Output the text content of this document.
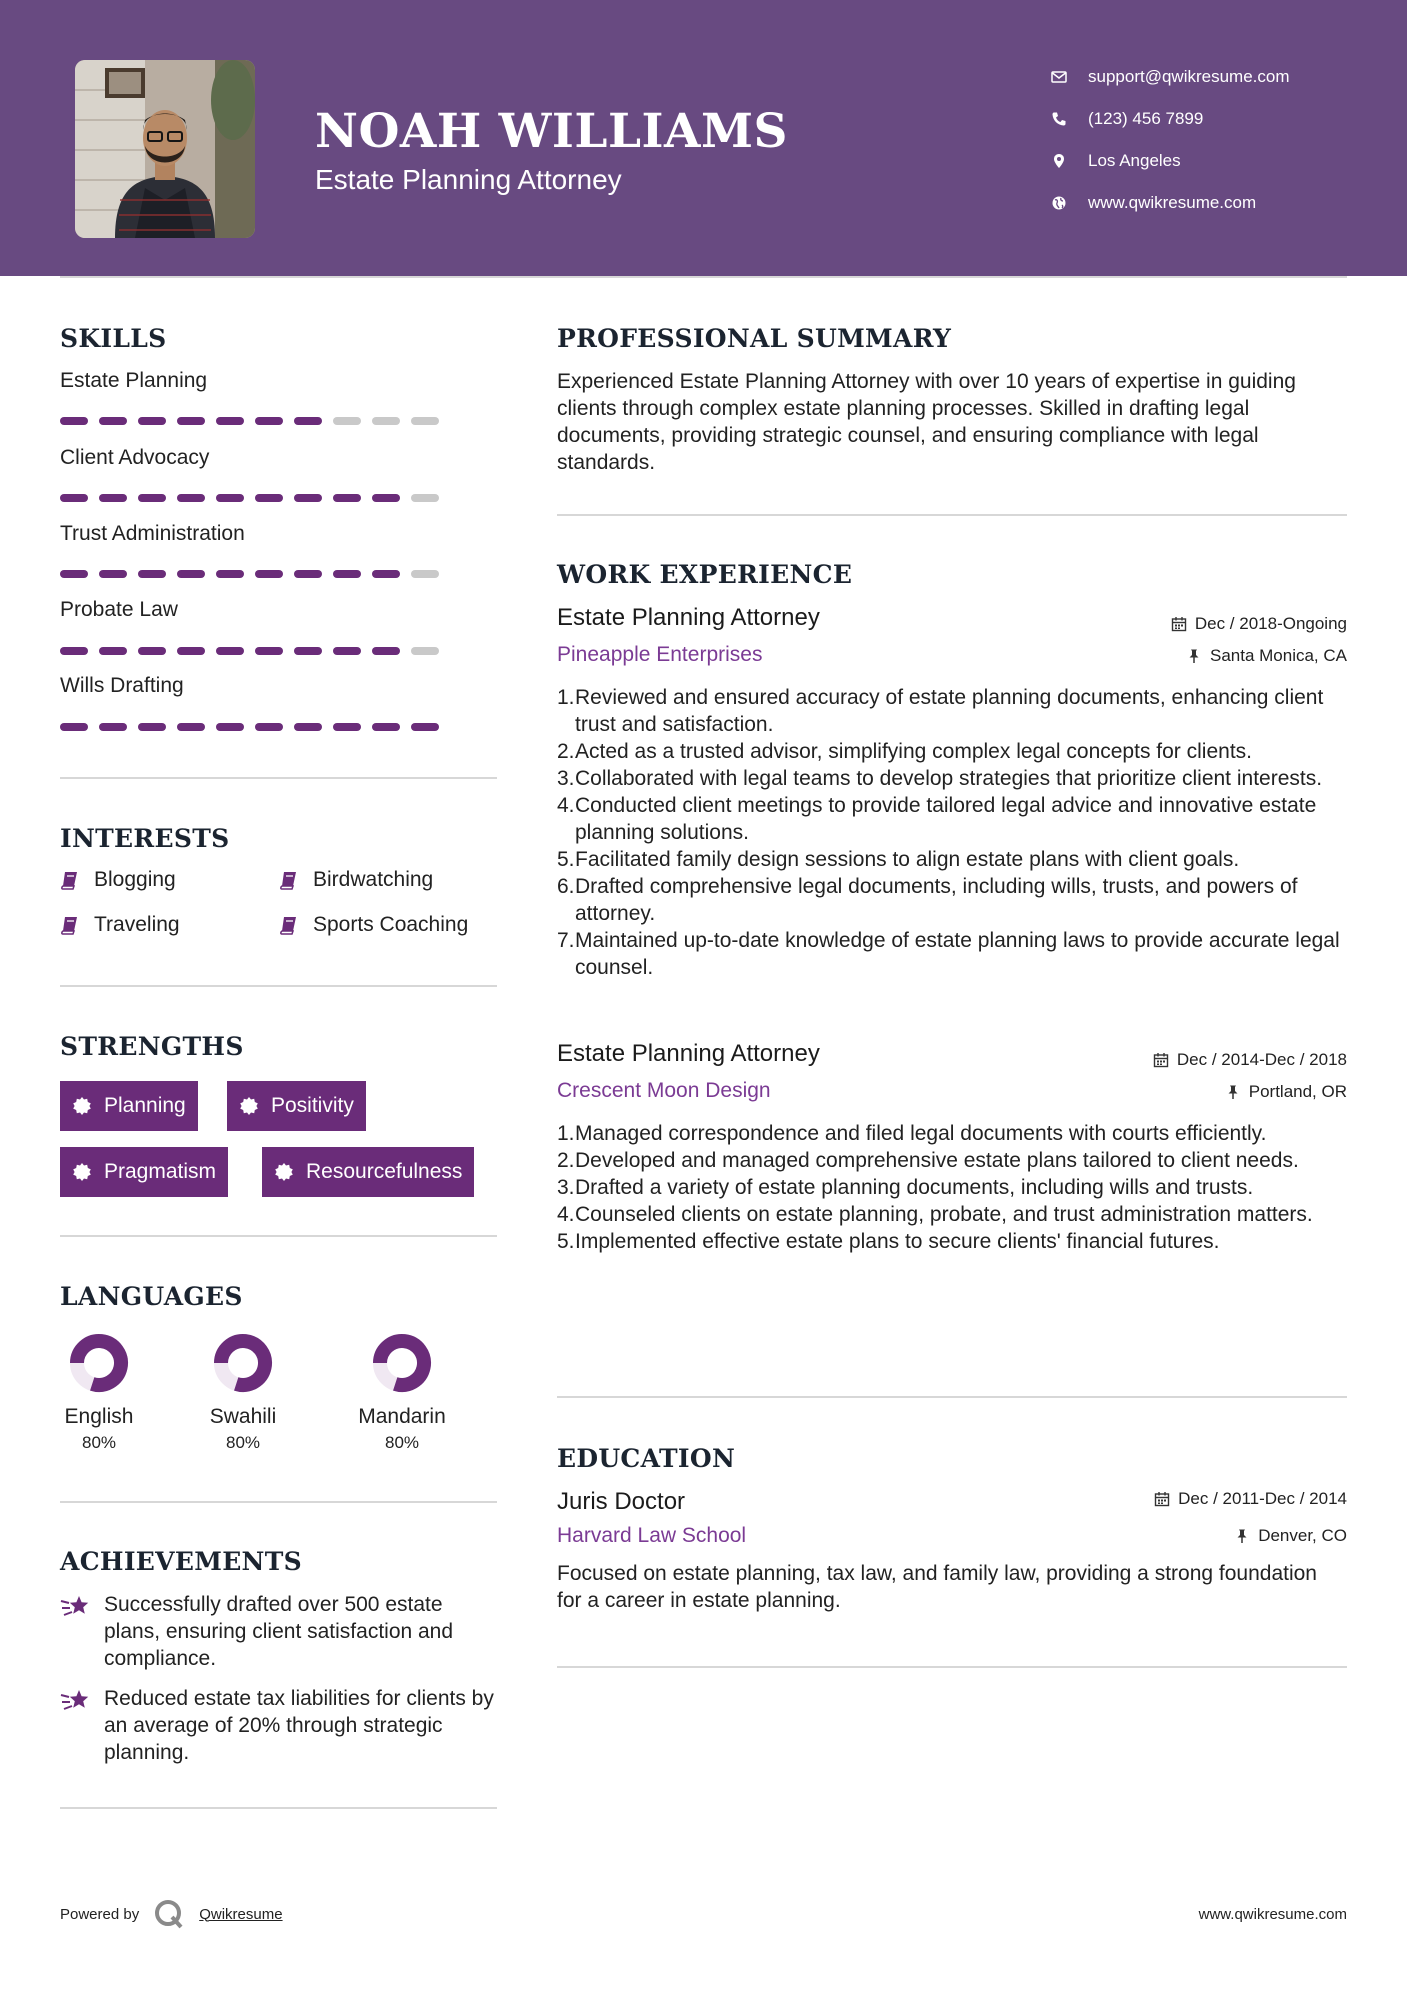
NOAH WILLIAMS
Estate Planning Attorney
support@qwikresume.com
(123) 456 7899
Los Angeles
www.qwikresume.com
SKILLS
Estate Planning
Client Advocacy
Trust Administration
Probate Law
Wills Drafting
INTERESTS
Blogging	Birdwatching
Traveling	Sports Coaching
STRENGTHS
Planning	Positivity
Pragmatism	Resourcefulness
LANGUAGES
English
80%
Swahili
80%
Mandarin
80%
ACHIEVEMENTS
Successfully drafted over 500 estate plans, ensuring client satisfaction and compliance.
Reduced estate tax liabilities for clients by an average of 20% through strategic planning.
PROFESSIONAL SUMMARY
Experienced Estate Planning Attorney with over 10 years of expertise in guiding clients through complex estate planning processes. Skilled in drafting legal documents, providing strategic counsel, and ensuring compliance with legal standards.
WORK EXPERIENCE
Estate Planning Attorney	Dec / 2018-Ongoing
Pineapple Enterprises	Santa Monica, CA
1. Reviewed and ensured accuracy of estate planning documents, enhancing client trust and satisfaction.
2. Acted as a trusted advisor, simplifying complex legal concepts for clients.
3. Collaborated with legal teams to develop strategies that prioritize client interests.
4. Conducted client meetings to provide tailored legal advice and innovative estate planning solutions.
5. Facilitated family design sessions to align estate plans with client goals.
6. Drafted comprehensive legal documents, including wills, trusts, and powers of attorney.
7. Maintained up-to-date knowledge of estate planning laws to provide accurate legal counsel.
Estate Planning Attorney	Dec / 2014-Dec / 2018
Crescent Moon Design	Portland, OR
1. Managed correspondence and filed legal documents with courts efficiently.
2. Developed and managed comprehensive estate plans tailored to client needs.
3. Drafted a variety of estate planning documents, including wills and trusts.
4. Counseled clients on estate planning, probate, and trust administration matters.
5. Implemented effective estate plans to secure clients' financial futures.
EDUCATION
Juris Doctor	Dec / 2011-Dec / 2014
Harvard Law School	Denver, CO
Focused on estate planning, tax law, and family law, providing a strong foundation for a career in estate planning.
Powered by	Qwikresume	www.qwikresume.com
